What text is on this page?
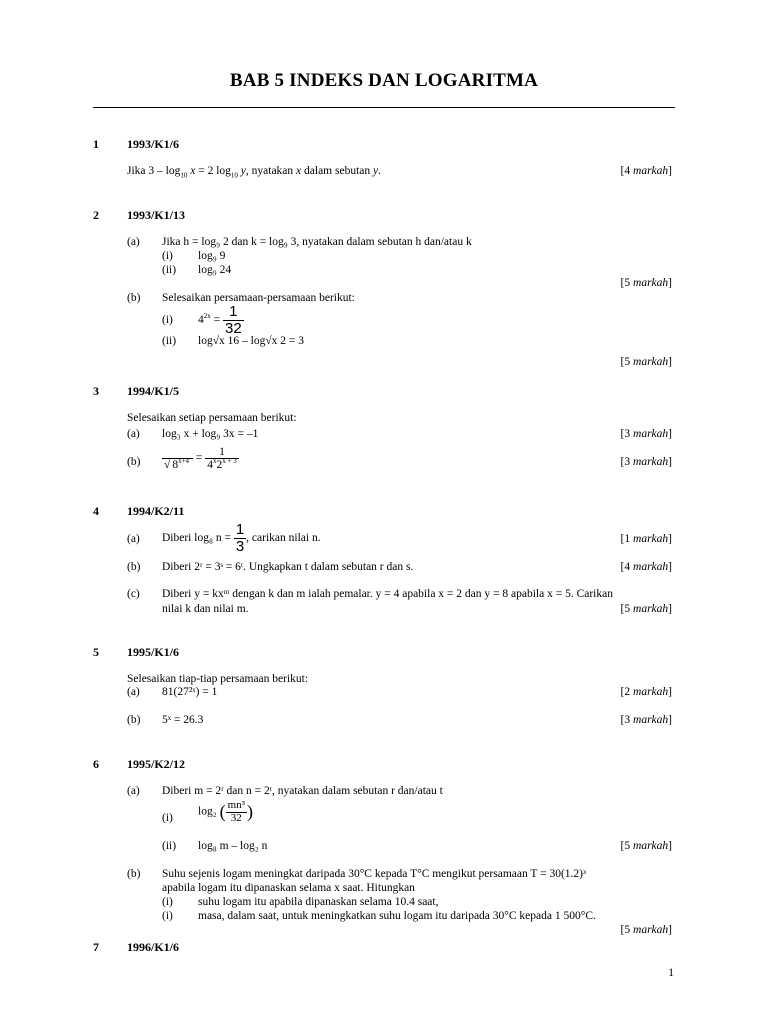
BAB 5 INDEKS DAN LOGARITMA
1 1993/K1/6
Jika $3 - \log_{10} x = 2$ $\log_{10} y$, nyatakan x dalam sebutan y.	[4 markah]
2 1993/K1/13
(a) Jika h = log₉ 2 dan k = log₉ 3, nyatakan dalam sebutan h dan/atau k
(i) log₉ 9
(ii) log₉ 24
[5 markah]
(b) Selesaikan persamaan-persamaan berikut:
(i) $4^{2x} = \frac{1}{32}$
(ii) log√x 16 – log√x 2 = 3
[5 markah]
3 1994/K1/5
Selesaikan setiap persamaan berikut:
(a) log₃ x + log₉ 3x = –1	[3 markah]
(b)
√ $8^{x+4} = \frac{1}{4^x2^{x + 3}}$	[3 markah]
4 1994/K2/11
(a) Diberi log₈ $n = \frac{1}{3}$ , carikan nilai n.	[1 markah]
(b) Diberi 2ʳ = 3ˢ = 6ᵗ. Ungkapkan t dalam sebutan r dan s.	[4 markah]
(c) Diberi y = kxᵐ dengan k dan m ialah pemalar. y = 4 apabila x = 2 dan y = 8 apabila x = 5. Carikan
nilai k dan nilai m.	[5 markah]
5 1995/K1/6
Selesaikan tiap-tiap persamaan berikut:
(a) 81(27²ˣ) = 1	[2 markah]
(b) 5ˣ = 26.3	[3 markah]
6 1995/K2/12
(a) Diberi m = 2ʳ dan n = 2ᵗ, nyatakan dalam sebutan r dan/atau t
(i)
log₂ ( $\frac{\text{mn³}}{32}$ )
(ii) log₈ m – log₂ n	[5 markah]
(b) Suhu sejenis logam meningkat daripada 30°C kepada T°C mengikut persamaan T = 30(1.2)ˣ
apabila logam itu dipanaskan selama x saat. Hitungkan
(i) suhu logam itu apabila dipanaskan selama 10.4 saat,
(i) masa, dalam saat, untuk meningkatkan suhu logam itu daripada 30°C kepada 1 500°C.
[5 markah]
7 1996/K1/6
1
